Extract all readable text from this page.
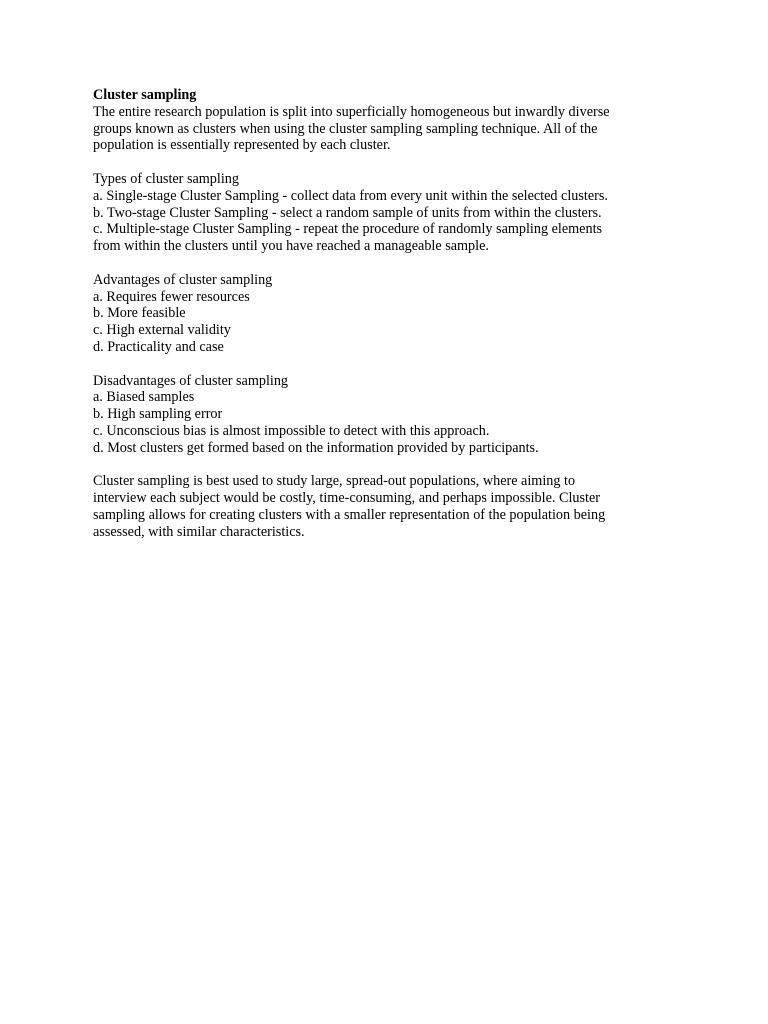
Cluster sampling

The entire research population is split into superficially homogeneous but inwardly diverse
groups known as clusters when using the cluster sampling sampling technique. All of the
population is essentially represented by each cluster.

Types of cluster sampling
a. Single-stage Cluster Sampling - collect data from every unit within the selected clusters.
b. Two-stage Cluster Sampling - select a random sample of units from within the clusters.
c. Multiple-stage Cluster Sampling - repeat the procedure of randomly sampling elements
from within the clusters until you have reached a manageable sample.
Advantages of cluster sampling
a. Requires fewer resources
b. More feasible
c. High external validity
d. Practicality and case
Disadvantages of cluster sampling
a. Biased samples
b. High sampling error
c. Unconscious bias is almost impossible to detect with this approach.
d. Most clusters get formed based on the information provided by participants.

Cluster sampling is best used to study large, spread-out populations, where aiming to
interview each subject would be costly, time-consuming, and perhaps impossible. Cluster
sampling allows for creating clusters with a smaller representation of the population being
assessed, with similar characteristics.
